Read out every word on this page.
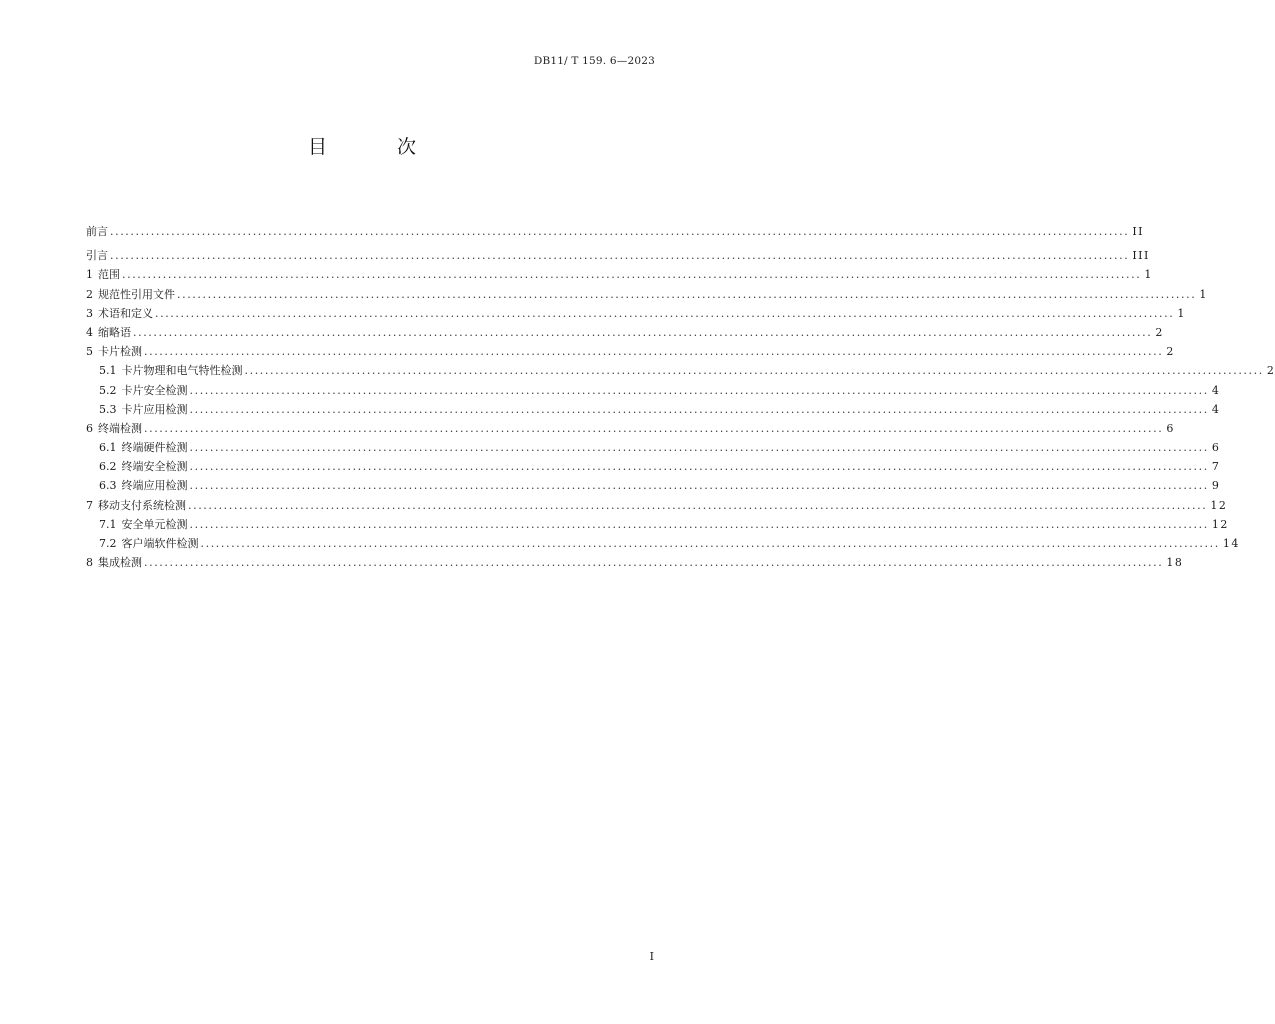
DB11/ T 159. 6—2023
目 次
前言 ........................................................................................................................................................................................................ II
引言 ........................................................................................................................................................................................................ III
1 范围 ........................................................................................................................................................................................................ 1
2 规范性引用文件 ........................................................................................................................................................................................................ 1
3 术语和定义 ........................................................................................................................................................................................................ 1
4 缩略语 ........................................................................................................................................................................................................ 2
5 卡片检测 ........................................................................................................................................................................................................ 2
5.1 卡片物理和电气特性检测 ........................................................................................................................................................................................................ 2
5.2 卡片安全检测 ........................................................................................................................................................................................................ 4
5.3 卡片应用检测 ........................................................................................................................................................................................................ 4
6 终端检测 ........................................................................................................................................................................................................ 6
6.1 终端硬件检测 ........................................................................................................................................................................................................ 6
6.2 终端安全检测 ........................................................................................................................................................................................................ 7
6.3 终端应用检测 ........................................................................................................................................................................................................ 9
7 移动支付系统检测 ........................................................................................................................................................................................................ 12
7.1 安全单元检测 ........................................................................................................................................................................................................ 12
7.2 客户端软件检测 ........................................................................................................................................................................................................ 14
8 集成检测 ........................................................................................................................................................................................................ 18
I
